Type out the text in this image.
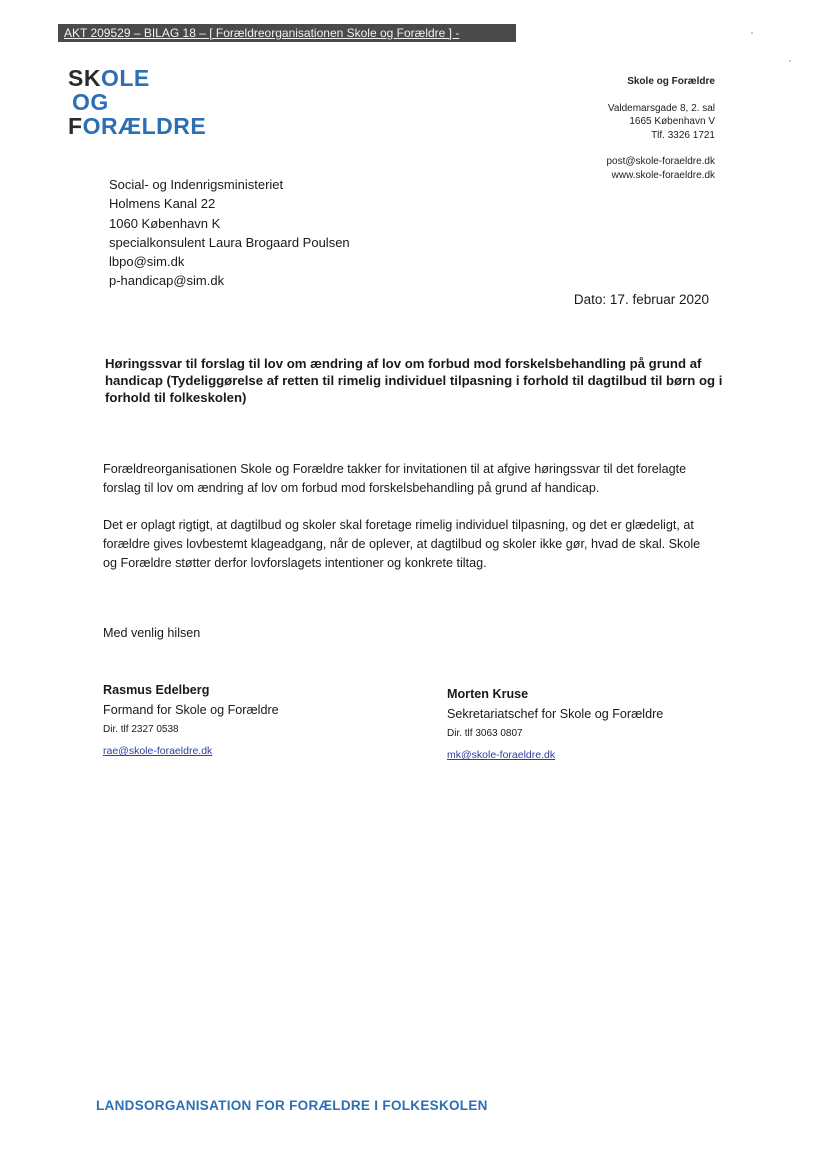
AKT 209529 – BILAG 18 – [ Forældreorganisationen Skole og Forældre ] -
SKOLE
OG
FORÆLDRE
Skole og Forældre
Valdemarsgade 8, 2. sal
1665 København V
Tlf. 3326 1721
post@skole-foraeldre.dk
www.skole-foraeldre.dk
Social- og Indenrigsministeriet
Holmens Kanal 22
1060 København K
specialkonsulent Laura Brogaard Poulsen
lbpo@sim.dk
p-handicap@sim.dk
Dato: 17. februar 2020
Høringssvar til forslag til lov om ændring af lov om forbud mod forskelsbehandling på grund af handicap (Tydeliggørelse af retten til rimelig individuel tilpasning i forhold til dagtilbud til børn og i forhold til folkeskolen)
Forældreorganisationen Skole og Forældre takker for invitationen til at afgive høringssvar til det forelagte forslag til lov om ændring af lov om forbud mod forskelsbehandling på grund af handicap.
Det er oplagt rigtigt, at dagtilbud og skoler skal foretage rimelig individuel tilpasning, og det er glædeligt, at forældre gives lovbestemt klageadgang, når de oplever, at dagtilbud og skoler ikke gør, hvad de skal. Skole og Forældre støtter derfor lovforslagets intentioner og konkrete tiltag.
Med venlig hilsen
Rasmus Edelberg
Formand for Skole og Forældre
Dir. tlf 2327 0538
rae@skole-foraeldre.dk
Morten Kruse
Sekretariatschef for Skole og Forældre
Dir. tlf 3063 0807
mk@skole-foraeldre.dk
LANDSORGANISATION FOR FORÆLDRE I FOLKESKOLEN
